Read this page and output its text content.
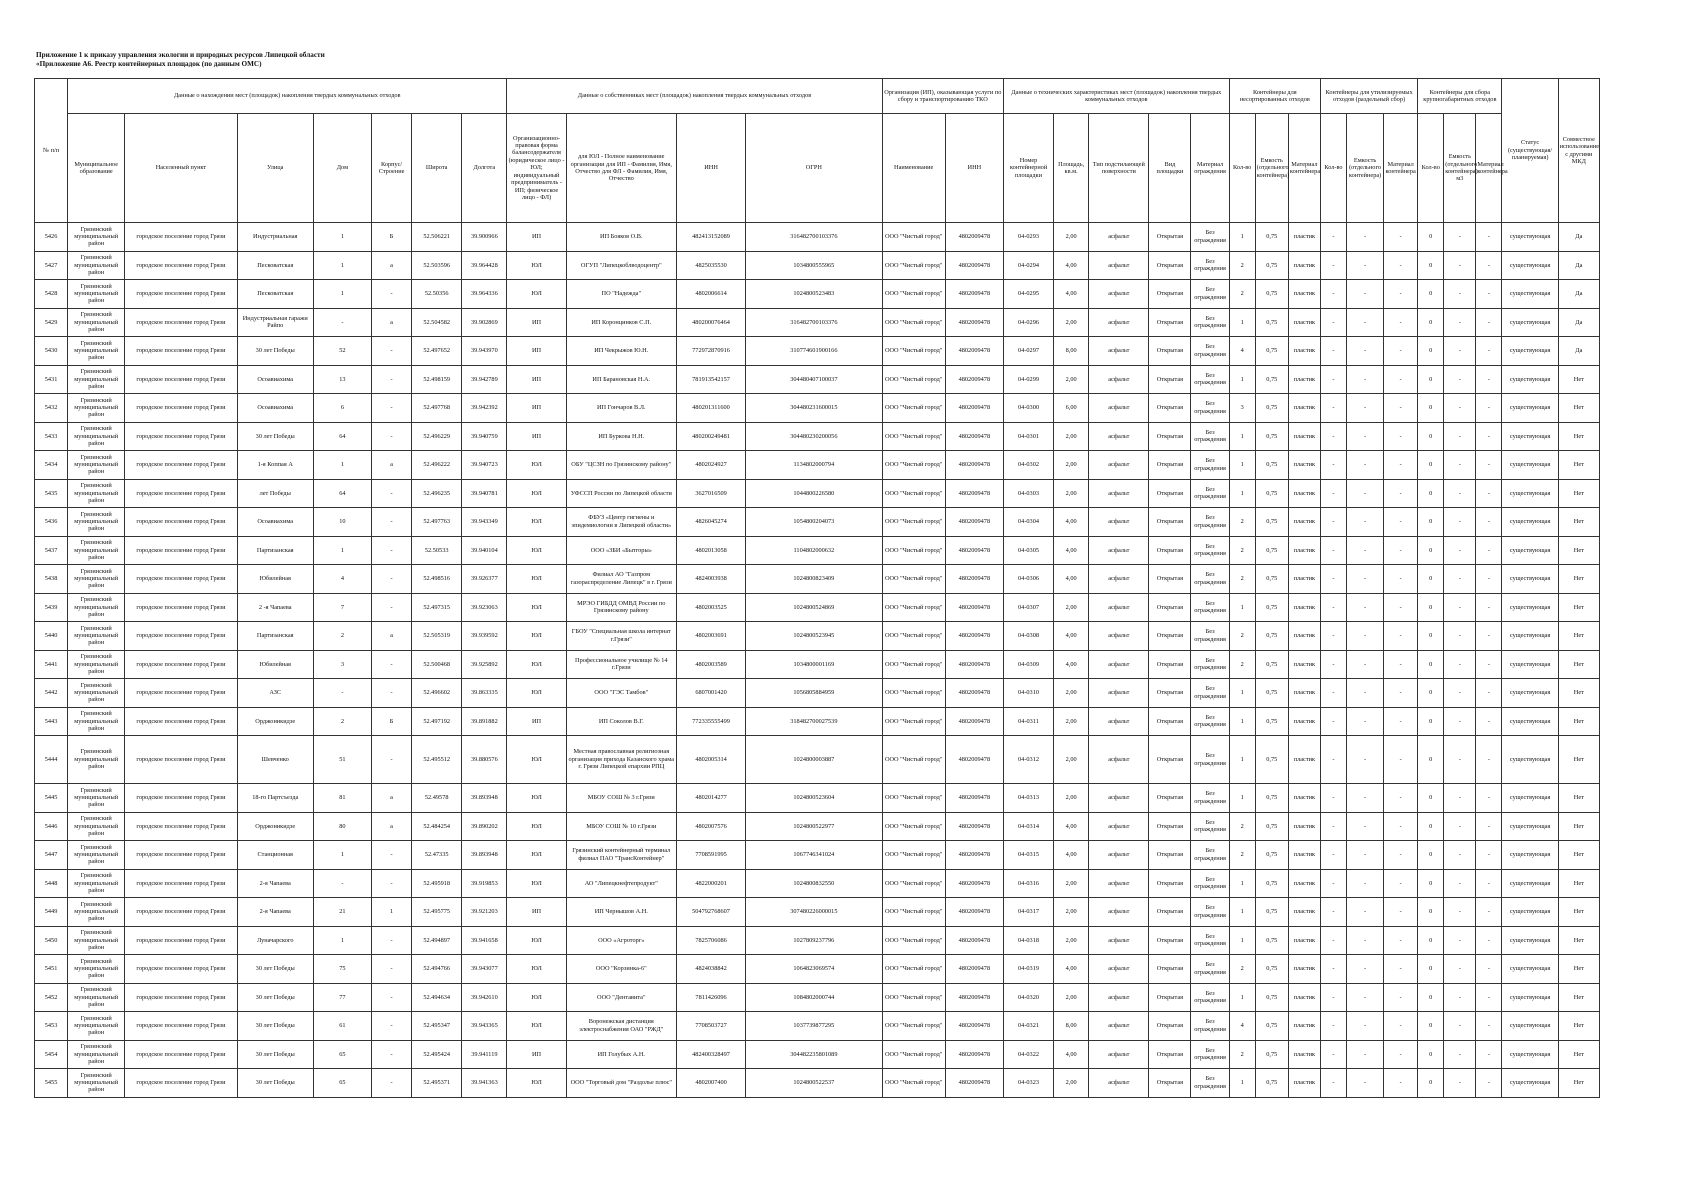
Приложение 1 к приказу управления экологии и природных ресурсов Липецкой области
«Приложение А6. Реестр контейнерных площадок (по данным ОМС)
№ п/п	Данные о нахождении мест (площадок) накопления твердых коммунальных отходов							Данные о собственниках мест (площадок) накопления твердых коммунальных отходов				Организация (ИП), оказывающая услуги по сбору и транспортированию ТКО		Данные о технических характеристиках мест (площадок) накопления твердых коммунальных отходов					Контейнеры для несортированных отходов			Контейнеры для утилизируемых отходов (раздельный сбор)			Контейнеры для сбора крупногабаритных отходов			Статус (существующая/ планируемая)	Совместное использование с другими МКД
	Муниципальное образование	Населенный пункт	Улица	Дом	Корпус/Строение	Широта	Долгота	Организационно-правовая форма балансодержателя (юридическое лицо - ЮЛ; индивидуальный предприниматель - ИП; физическое лицо - ФЛ)	для ЮЛ - Полное наименование организации для ИП - Фамилия, Имя, Отчество для ФЛ - Фамилия, Имя, Отчество	ИНН	ОГРН	Наименование	ИНН	Номер контейнерной площадки	Площадь, кв.м.	Тип подстилающей поверхности	Вид площадки	Материал ограждения	Кол-во	Емкость (отдельного контейнера)	Материал контейнера	Кол-во	Емкость (отдельного контейнера)	Материал контейнера	Кол-во	Емкость (отдельного контейнера) м3	Материал контейнера		
5426	Грязинский муниципальный район	городское поселение город Грязи	Индустриальная	1	Б	52.506221	39.900966	ИП	ИП Бояков О.В.	482413152089	316482700103376	ООО "Чистый город"	4802009478	04-0293	2,00	асфальт	Открытая	Без ограждения	1	0,75	пластик	-	-	-	0	-	-	существующая	Да
5427	Грязинский муниципальный район	городское поселение город Грязи	Песковатская	1	а	52.503596	39.964428	ЮЛ	ОГУП "Липецкоблводоцентр"	4825035530	1034800555965	ООО "Чистый город"	4802009478	04-0294	4,00	асфальт	Открытая	Без ограждения	2	0,75	пластик	-	-	-	0	-	-	существующая	Да
5428	Грязинский муниципальный район	городское поселение город Грязи	Песковатская	1	-	52.50356	39.964336	ЮЛ	ПО "Надежда"	4802006614	1024800523483	ООО "Чистый город"	4802009478	04-0295	4,00	асфальт	Открытая	Без ограждения	2	0,75	пластик	-	-	-	0	-	-	существующая	Да
5429	Грязинский муниципальный район	городское поселение город Грязи	Индустриальная гаражи Райпо	-	а	52.504582	39.902869	ИП	ИП Коронцинков С.П.	480200076464	316482700103376	ООО "Чистый город"	4802009478	04-0296	2,00	асфальт	Открытая	Без ограждения	1	0,75	пластик	-	-	-	0	-	-	существующая	Да
5430	Грязинский муниципальный район	городское поселение город Грязи	30 лет Победы	52	-	52.497652	39.943970	ИП	ИП Чекрыжов Ю.Н.	772972870916	310774601900166	ООО "Чистый город"	4802009478	04-0297	8,00	асфальт	Открытая	Без ограждения	4	0,75	пластик	-	-	-	0	-	-	существующая	Да
5431	Грязинский муниципальный район	городское поселение город Грязи	Осоавиахима	13	-	52.498159	39.942789	ИП	ИП Барановская Н.А.	781913542157	304480407100037	ООО "Чистый город"	4802009478	04-0299	2,00	асфальт	Открытая	Без ограждения	1	0,75	пластик	-	-	-	0	-	-	существующая	Нет
5432	Грязинский муниципальный район	городское поселение город Грязи	Осоавиахима	6	-	52.497768	39.942392	ИП	ИП Гончаров В.Л.	480201311600	304480231600015	ООО "Чистый город"	4802009478	04-0300	6,00	асфальт	Открытая	Без ограждения	3	0,75	пластик	-	-	-	0	-	-	существующая	Нет
5433	Грязинский муниципальный район	городское поселение город Грязи	30 лет Победы	64	-	52.496229	39.940759	ИП	ИП Буркова Н.Н.	480200249481	304480230200056	ООО "Чистый город"	4802009478	04-0301	2,00	асфальт	Открытая	Без ограждения	1	0,75	пластик	-	-	-	0	-	-	существующая	Нет
5434	Грязинский муниципальный район	городское поселение город Грязи	1-я Коппая А	1	а	52.496222	39.940723	ЮЛ	ОБУ "ЦСЗН по Грязинскому району"	4802024927	1134802000794	ООО "Чистый город"	4802009478	04-0302	2,00	асфальт	Открытая	Без ограждения	1	0,75	пластик	-	-	-	0	-	-	существующая	Нет
5435	Грязинский муниципальный район	городское поселение город Грязи	лет Победы	64	-	52.496235	39.940781	ЮЛ	УФССП России по Липецкой области	3627016509	1044800226580	ООО "Чистый город"	4802009478	04-0303	2,00	асфальт	Открытая	Без ограждения	1	0,75	пластик	-	-	-	0	-	-	существующая	Нет
5436	Грязинский муниципальный район	городское поселение город Грязи	Осоавиахима	10	-	52.497763	39.943349	ЮЛ	ФБУЗ «Центр гигиены и эпидемиологии в Липецкой области»	4826045274	1054800204073	ООО "Чистый город"	4802009478	04-0304	4,00	асфальт	Открытая	Без ограждения	2	0,75	пластик	-	-	-	0	-	-	существующая	Нет
5437	Грязинский муниципальный район	городское поселение город Грязи	Партизанская	1	-	52.50533	39.940104	ЮЛ	ООО «ЗБИ «Бытгоры»	4802013058	1104802000632	ООО "Чистый город"	4802009478	04-0305	4,00	асфальт	Открытая	Без ограждения	2	0,75	пластик	-	-	-	0	-	-	существующая	Нет
5438	Грязинский муниципальный район	городское поселение город Грязи	Юбилейная	4	-	52.498516	39.926377	ЮЛ	Филиал АО "Газпром газораспределение Липецк" в г. Грязи	4824003938	1024800823409	ООО "Чистый город"	4802009478	04-0306	4,00	асфальт	Открытая	Без ограждения	2	0,75	пластик	-	-	-	0	-	-	существующая	Нет
5439	Грязинский муниципальный район	городское поселение город Грязи	2 -я Чапаева	7	-	52.497315	39.923063	ЮЛ	МРЭО ГИБДД ОМВД России по Грязинскому району	4802003525	1024800524869	ООО "Чистый город"	4802009478	04-0307	2,00	асфальт	Открытая	Без ограждения	1	0,75	пластик	-	-	-	0	-	-	существующая	Нет
5440	Грязинский муниципальный район	городское поселение город Грязи	Партизанская	2	а	52.505319	39.939592	ЮЛ	ГБОУ "Специальная школа интернат г.Грязи"	4802003691	1024800523945	ООО "Чистый город"	4802009478	04-0308	4,00	асфальт	Открытая	Без ограждения	2	0,75	пластик	-	-	-	0	-	-	существующая	Нет
5441	Грязинский муниципальный район	городское поселение город Грязи	Юбилейная	3	-	52.500468	39.925892	ЮЛ	Профессиональное училище № 14 г.Грязи	4802003589	1034800001169	ООО "Чистый город"	4802009478	04-0309	4,00	асфальт	Открытая	Без ограждения	2	0,75	пластик	-	-	-	0	-	-	существующая	Нет
5442	Грязинский муниципальный район	городское поселение город Грязи	АЗС	-	-	52.496602	39.863335	ЮЛ	ООО "ГЭС Тамбов"	6807001420	1056805884959	ООО "Чистый город"	4802009478	04-0310	2,00	асфальт	Открытая	Без ограждения	1	0,75	пластик	-	-	-	0	-	-	существующая	Нет
5443	Грязинский муниципальный район	городское поселение город Грязи	Орджоникидзе	2	Б	52.497192	39.891882	ИП	ИП Соколов В.Г.	772335555499	318482700027539	ООО "Чистый город"	4802009478	04-0311	2,00	асфальт	Открытая	Без ограждения	1	0,75	пластик	-	-	-	0	-	-	существующая	Нет
5444	Грязинский муниципальный район	городское поселение город Грязи	Шевченко	51	-	52.495512	39.880576	ЮЛ	Местная православная религиозная организация прихода Казанского храма г. Грязи Липецкой епархии РПЦ	4802005314	1024800003887	ООО "Чистый город"	4802009478	04-0312	2,00	асфальт	Открытая	Без ограждения	1	0,75	пластик	-	-	-	0	-	-	существующая	Нет
5445	Грязинский муниципальный район	городское поселение город Грязи	18-го Партсъезда	81	а	52.49578	39.893948	ЮЛ	МБОУ СОШ № 3 г.Грязи	4802014277	1024800523604	ООО "Чистый город"	4802009478	04-0313	2,00	асфальт	Открытая	Без ограждения	1	0,75	пластик	-	-	-	0	-	-	существующая	Нет
5446	Грязинский муниципальный район	городское поселение город Грязи	Орджоникидзе	80	а	52.484254	39.890202	ЮЛ	МБОУ СОШ № 10 г.Грязи	4802007576	1024800522977	ООО "Чистый город"	4802009478	04-0314	4,00	асфальт	Открытая	Без ограждения	2	0,75	пластик	-	-	-	0	-	-	существующая	Нет
5447	Грязинский муниципальный район	городское поселение город Грязи	Станционная	1	-	52.47335	39.893948	ЮЛ	Грязинский контейнерный терминал филиал ПАО "ТрансКонтейнер"	7708591995	1067746341024	ООО "Чистый город"	4802009478	04-0315	4,00	асфальт	Открытая	Без ограждения	2	0,75	пластик	-	-	-	0	-	-	существующая	Нет
5448	Грязинский муниципальный район	городское поселение город Грязи	2-я Чапаева	-	-	52.495918	39.919853	ЮЛ	АО "Липецкнефтепродукт"	4822000201	1024800832550	ООО "Чистый город"	4802009478	04-0316	2,00	асфальт	Открытая	Без ограждения	1	0,75	пластик	-	-	-	0	-	-	существующая	Нет
5449	Грязинский муниципальный район	городское поселение город Грязи	2-я Чапаева	21	1	52.495775	39.921203	ИП	ИП Чернышов А.Н.	504792768607	307480226000015	ООО "Чистый город"	4802009478	04-0317	2,00	асфальт	Открытая	Без ограждения	1	0,75	пластик	-	-	-	0	-	-	существующая	Нет
5450	Грязинский муниципальный район	городское поселение город Грязи	Луначарского	1	-	52.494897	39.941658	ЮЛ	ООО «Агроторг»	7825706086	1027809237796	ООО "Чистый город"	4802009478	04-0318	2,00	асфальт	Открытая	Без ограждения	1	0,75	пластик	-	-	-	0	-	-	существующая	Нет
5451	Грязинский муниципальный район	городское поселение город Грязи	30 лет Победы	75	-	52.494766	39.943077	ЮЛ	ООО "Корзинка-6"	4824038842	1064823069574	ООО "Чистый город"	4802009478	04-0319	4,00	асфальт	Открытая	Без ограждения	2	0,75	пластик	-	-	-	0	-	-	существующая	Нет
5452	Грязинский муниципальный район	городское поселение город Грязи	30 лет Победы	77	-	52.494634	39.942610	ЮЛ	ООО "Дентавита"	7811426096	1084802000744	ООО "Чистый город"	4802009478	04-0320	2,00	асфальт	Открытая	Без ограждения	1	0,75	пластик	-	-	-	0	-	-	существующая	Нет
5453	Грязинский муниципальный район	городское поселение город Грязи	30 лет Победы	61	-	52.495347	39.943365	ЮЛ	Воронежская дистанция электроснабжения ОАО "РЖД"	7708503727	1037739877295	ООО "Чистый город"	4802009478	04-0321	8,00	асфальт	Открытая	Без ограждения	4	0,75	пластик	-	-	-	0	-	-	существующая	Нет
5454	Грязинский муниципальный район	городское поселение город Грязи	30 лет Победы	65	-	52.495424	39.941119	ИП	ИП Голубых А.Н.	482400328497	304482235801089	ООО "Чистый город"	4802009478	04-0322	4,00	асфальт	Открытая	Без ограждения	2	0,75	пластик	-	-	-	0	-	-	существующая	Нет
5455	Грязинский муниципальный район	городское поселение город Грязи	30 лет Победы	65	-	52.495371	39.941363	ЮЛ	ООО "Торговый дом "Раздолье плюс"	4802007400	1024800522537	ООО "Чистый город"	4802009478	04-0323	2,00	асфальт	Открытая	Без ограждения	1	0,75	пластик	-	-	-	0	-	-	существующая	Нет
